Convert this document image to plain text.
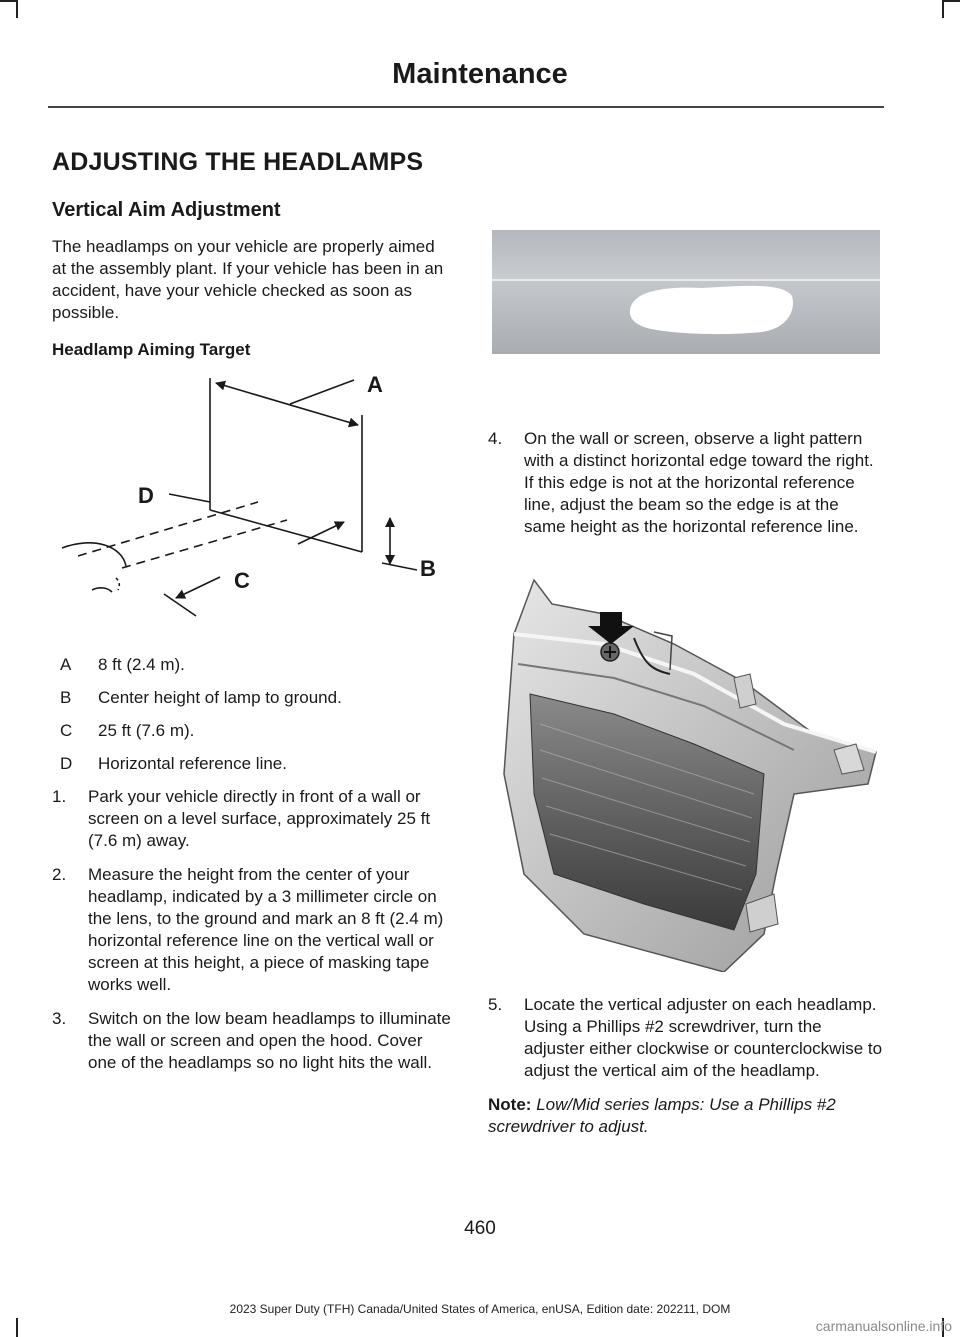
Maintenance
ADJUSTING THE HEADLAMPS
Vertical Aim Adjustment

The headlamps on your vehicle are properly aimed at the assembly plant. If your vehicle has been in an accident, have your vehicle checked as soon as possible.

Headlamp Aiming Target
A
D
B
C
A	8 ft (2.4 m).
B	Center height of lamp to ground.
C	25 ft (7.6 m).
D	Horizontal reference line.
1.	Park your vehicle directly in front of a wall or screen on a level surface, approximately 25 ft (7.6 m) away.
2.	Measure the height from the center of your headlamp, indicated by a 3 millimeter circle on the lens, to the ground and mark an 8 ft (2.4 m) horizontal reference line on the vertical wall or screen at this height, a piece of masking tape works well.
3.	Switch on the low beam headlamps to illuminate the wall or screen and open the hood. Cover one of the headlamps so no light hits the wall.
4.	On the wall or screen, observe a light pattern with a distinct horizontal edge toward the right. If this edge is not at the horizontal reference line, adjust the beam so the edge is at the same height as the horizontal reference line.
5.	Locate the vertical adjuster on each headlamp. Using a Phillips #2 screwdriver, turn the adjuster either clockwise or counterclockwise to adjust the vertical aim of the headlamp.
Note: Low/Mid series lamps: Use a Phillips #2 screwdriver to adjust.
460
2023 Super Duty (TFH) Canada/United States of America, enUSA, Edition date: 202211, DOM
carmanualsonline.info
